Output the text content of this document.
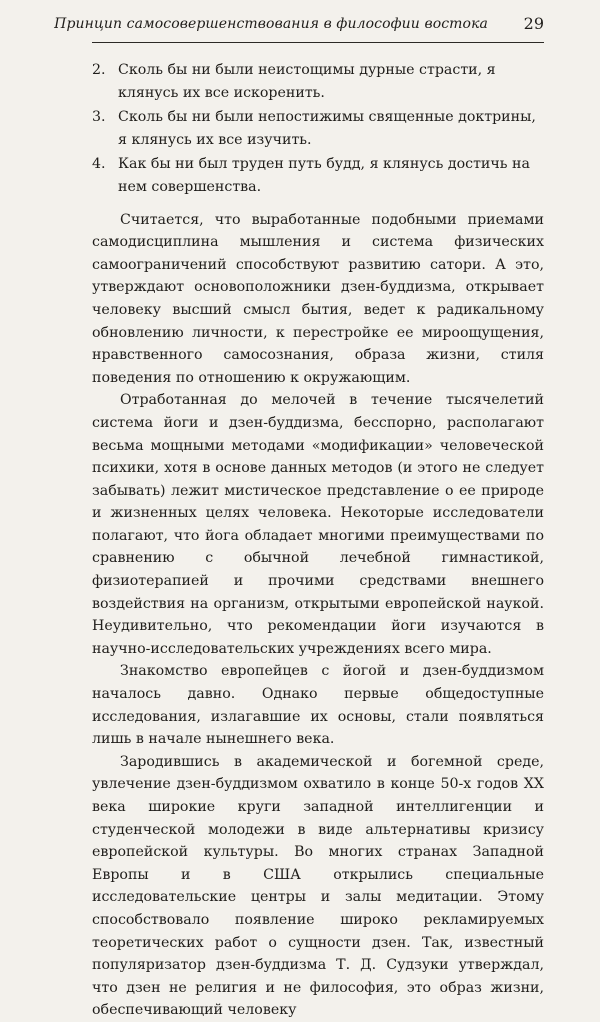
Принцип самосовершенствования в философии востока 29

2. Сколь бы ни были неистощимы дурные страсти, я клянусь их все искоренить.

3. Сколь бы ни были непостижимы священные доктрины, я клянусь их все изучить.

4. Как бы ни был труден путь будд, я клянусь достичь на нем совершенства.

Считается, что выработанные подобными приемами самодисциплина мышления и система физических самоограничений способствуют развитию сатори. А это, утверждают основоположники дзен-буддизма, открывает человеку высший смысл бытия, ведет к радикальному обновлению личности, к перестройке ее мироощущения, нравственного самосознания, образа жизни, стиля поведения по отношению к окружающим.

Отработанная до мелочей в течение тысячелетий система йоги и дзен-буддизма, бесспорно, располагают весьма мощными методами «модификации» человеческой психики, хотя в основе данных методов (и этого не следует забывать) лежит мистическое представление о ее природе и жизненных целях человека. Некоторые исследователи полагают, что йога обладает многими преимуществами по сравнению с обычной лечебной гимнастикой, физиотерапией и прочими средствами внешнего воздействия на организм, открытыми европейской наукой. Неудивительно, что рекомендации йоги изучаются в научно-исследовательских учреждениях всего мира.

Знакомство европейцев с йогой и дзен-буддизмом началось давно. Однако первые общедоступные исследования, излагавшие их основы, стали появляться лишь в начале нынешнего века.

Зародившись в академической и богемной среде, увлечение дзен-буддизмом охватило в конце 50-х годов XX века широкие круги западной интеллигенции и студенческой молодежи в виде альтернативы кризису европейской культуры. Во многих странах Западной Европы и в США открылись специальные исследовательские центры и залы медитации. Этому способствовало появление широко рекламируемых теоретических работ о сущности дзен. Так, известный популяризатор дзен-буддизма Т. Д. Судзуки утверждал, что дзен не религия и не философия, это образ жизни, обеспечивающий человеку
